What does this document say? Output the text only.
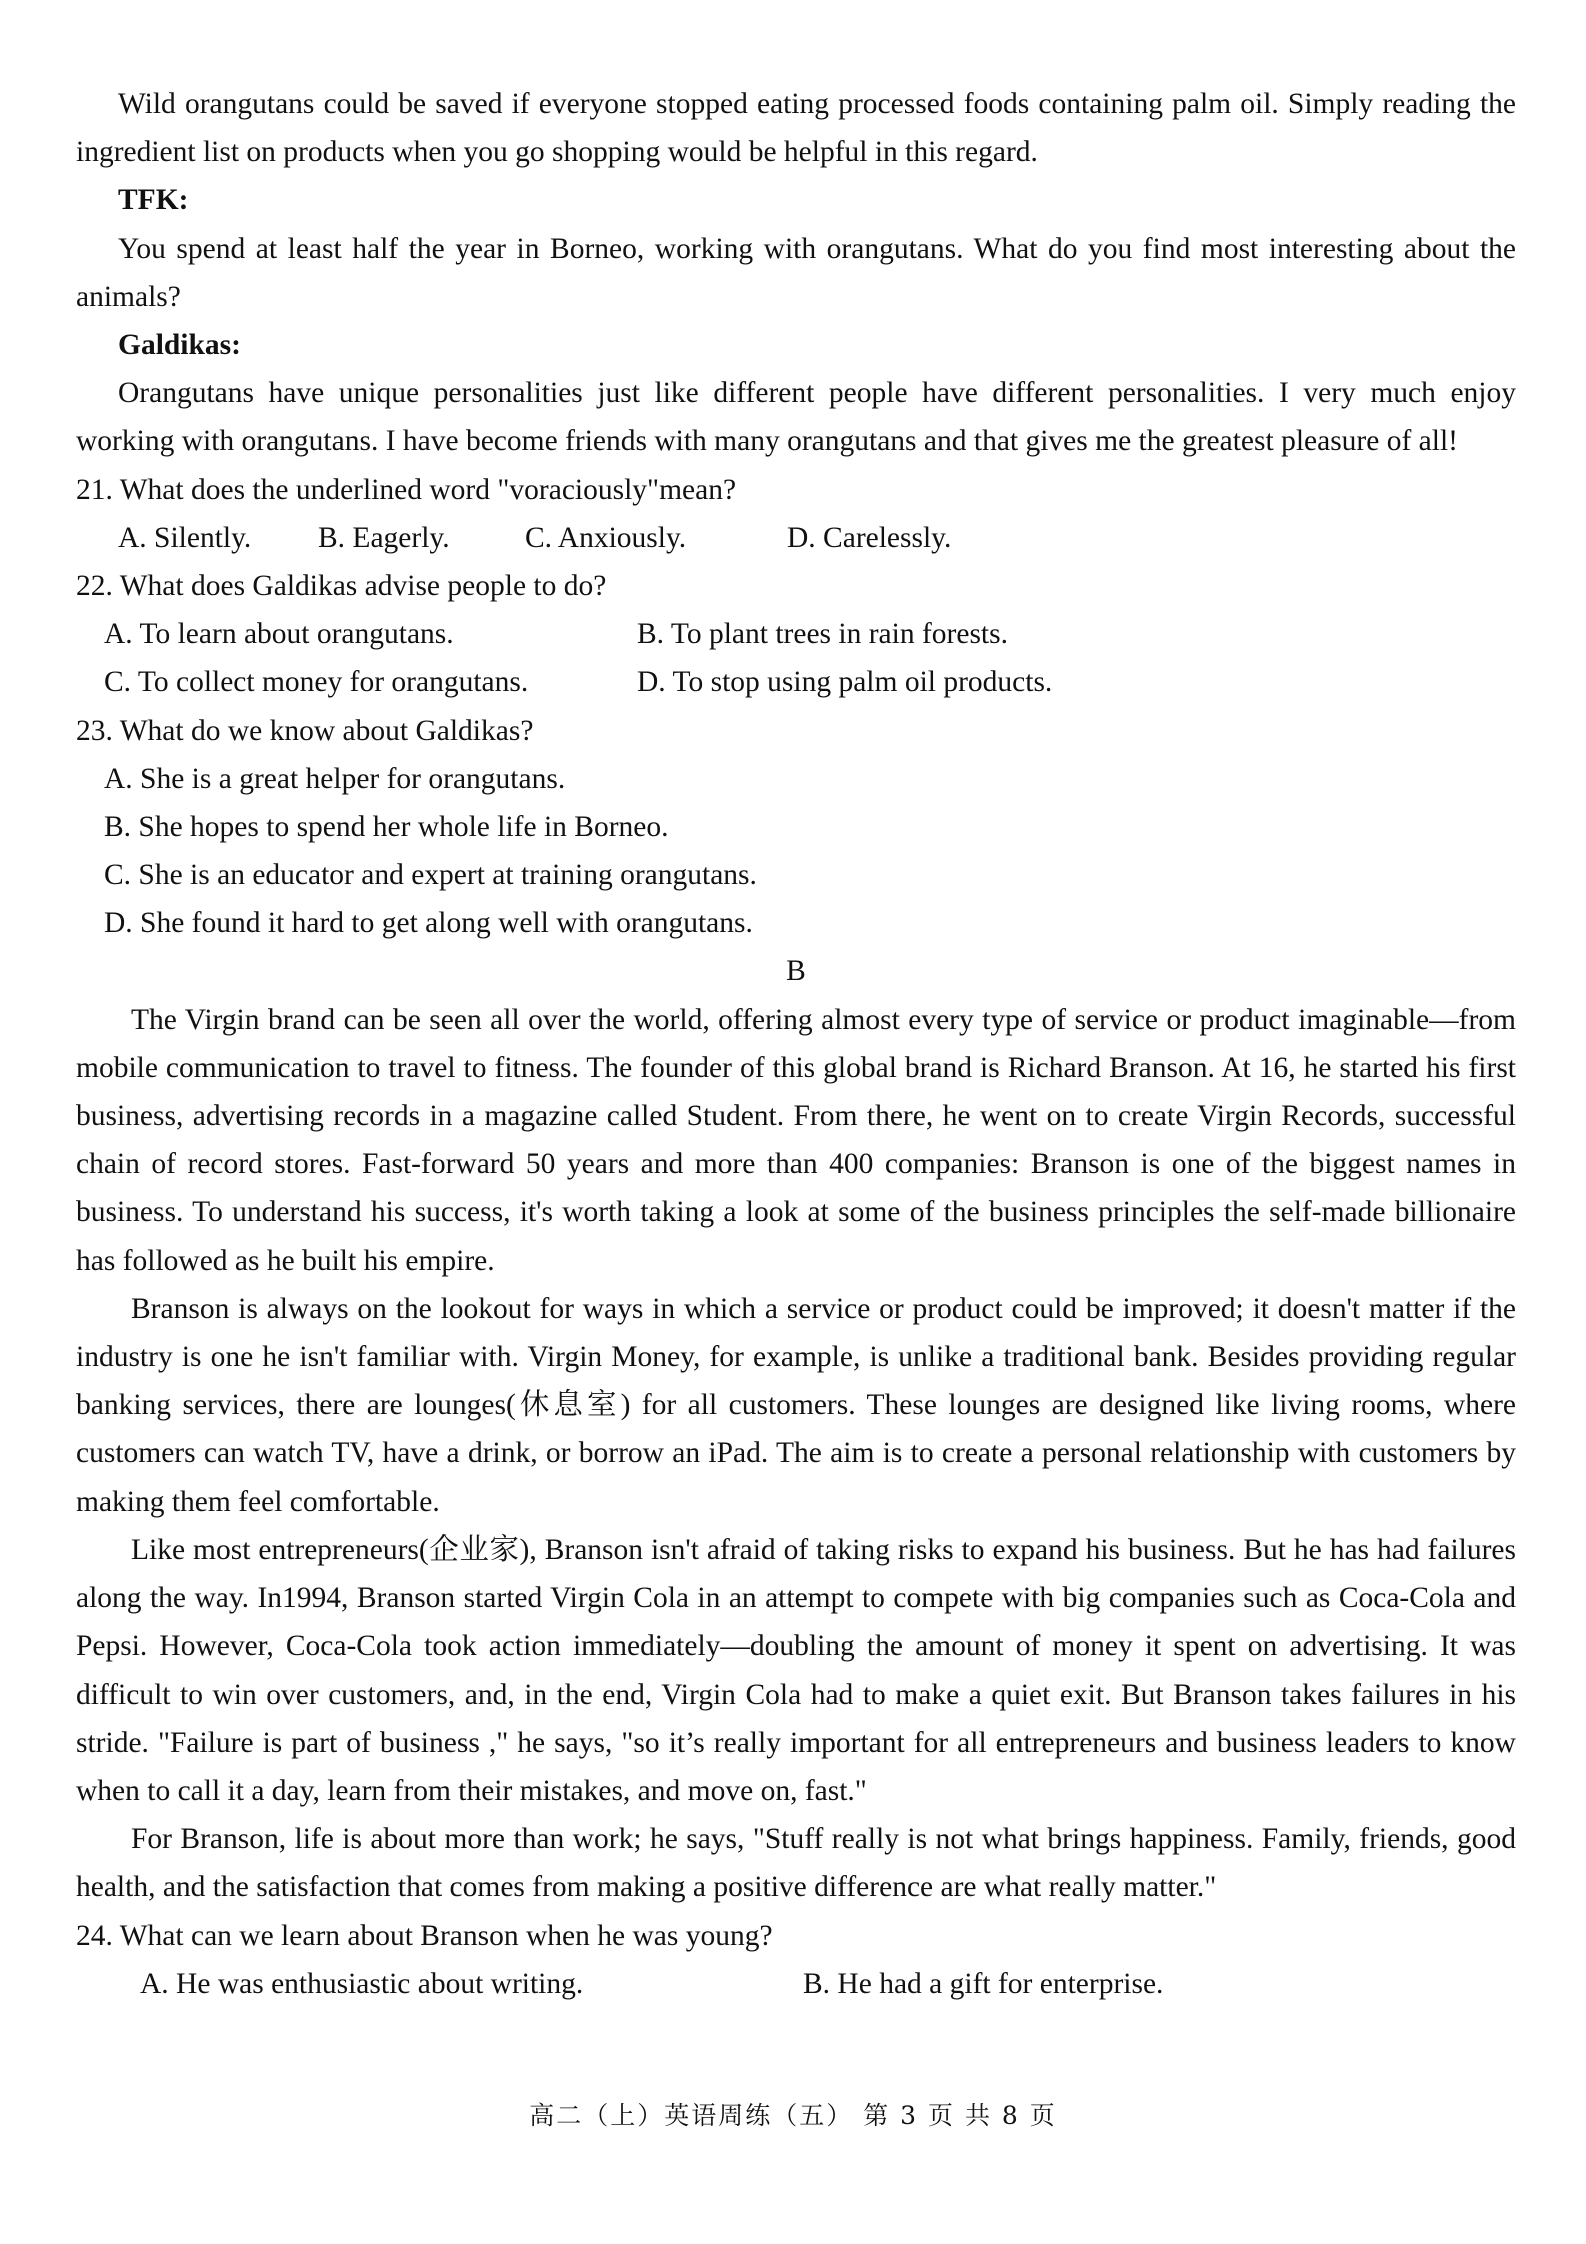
Wild orangutans could be saved if everyone stopped eating processed foods containing palm oil. Simply reading the ingredient list on products when you go shopping would be helpful in this regard.
TFK:
You spend at least half the year in Borneo, working with orangutans. What do you find most interesting about the animals?
Galdikas:
Orangutans have unique personalities just like different people have different personalities. I very much enjoy working with orangutans. I have become friends with many orangutans and that gives me the greatest pleasure of all!
21. What does the underlined word "voraciously"mean?
A. Silently.	B. Eagerly.	C. Anxiously.	D. Carelessly.
22. What does Galdikas advise people to do?
A. To learn about orangutans.	B. To plant trees in rain forests.
C. To collect money for orangutans.	D. To stop using palm oil products.
23. What do we know about Galdikas?
A. She is a great helper for orangutans.
B. She hopes to spend her whole life in Borneo.
C. She is an educator and expert at training orangutans.
D. She found it hard to get along well with orangutans.
B
The Virgin brand can be seen all over the world, offering almost every type of service or product imaginable—from mobile communication to travel to fitness. The founder of this global brand is Richard Branson. At 16, he started his first business, advertising records in a magazine called Student. From there, he went on to create Virgin Records, successful chain of record stores. Fast-forward 50 years and more than 400 companies: Branson is one of the biggest names in business. To understand his success, it's worth taking a look at some of the business principles the self-made billionaire has followed as he built his empire.
Branson is always on the lookout for ways in which a service or product could be improved; it doesn't matter if the industry is one he isn't familiar with. Virgin Money, for example, is unlike a traditional bank. Besides providing regular banking services, there are lounges(休息室) for all customers. These lounges are designed like living rooms, where customers can watch TV, have a drink, or borrow an iPad. The aim is to create a personal relationship with customers by making them feel comfortable.
Like most entrepreneurs(企业家), Branson isn't afraid of taking risks to expand his business. But he has had failures along the way. In1994, Branson started Virgin Cola in an attempt to compete with big companies such as Coca-Cola and Pepsi. However, Coca-Cola took action immediately—doubling the amount of money it spent on advertising. It was difficult to win over customers, and, in the end, Virgin Cola had to make a quiet exit. But Branson takes failures in his stride. "Failure is part of business ," he says, "so it’s really important for all entrepreneurs and business leaders to know when to call it a day, learn from their mistakes, and move on, fast."
For Branson, life is about more than work; he says, "Stuff really is not what brings happiness. Family, friends, good health, and the satisfaction that comes from making a positive difference are what really matter."
24. What can we learn about Branson when he was young?
A. He was enthusiastic about writing.	B. He had a gift for enterprise.
高二（上）英语周练（五） 第 3 页 共 8 页
